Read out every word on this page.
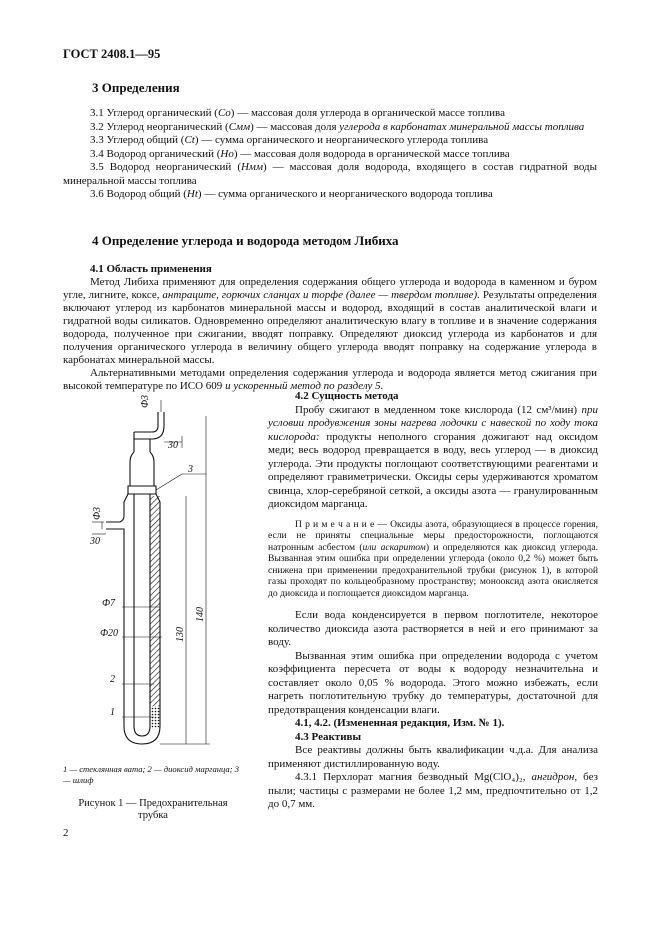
ГОСТ 2408.1—95
3 Определения

3.1 Углерод органический (Cо) — массовая доля углерода в органической массе топлива

3.2 Углерод неорганический (Cмм) — массовая доля углерода в карбонатах минеральной массы топлива

3.3 Углерод общий (Ct) — сумма органического и неорганического углерода топлива

3.4 Водород органический (Hо) — массовая доля водорода в органической массе топлива

3.5 Водород неорганический (Hмм) — массовая доля водорода, входящего в состав гидратной воды минеральной массы топлива

3.6 Водород общий (Ht) — сумма органического и неорганического водорода топлива

4 Определение углерода и водорода методом Либиха

4.1 Область применения

Метод Либиха применяют для определения содержания общего углерода и водорода в каменном и буром угле, лигните, коксе, антраците, горючих сланцах и торфе (далее — твердом топливе). Результаты определения включают углерод из карбонатов минеральной массы и водород, входящий в состав аналитической влаги и гидратной воды силикатов. Одновременно определяют аналитическую влагу в топливе и в значение содержания водорода, полученное при сжигании, вводят поправку. Определяют диоксид углерода из карбонатов и для получения органического углерода в величину общего углерода вводят поправку на содержание углерода в карбонатах минеральной массы.

Альтернативными методами определения содержания углерода и водорода является метод сжигания при высокой температуре по ИСО 609 и ускоренный метод по разделу 5.

Ф3
30
3
Ф3
30
Ф7
Ф20
2
1
130
140
1 — стеклянная вата; 2 — диоксид марганца; 3 — шлиф
Рисунок 1 — Предохранительная трубка

4.2 Сущность метода

Пробу сжигают в медленном токе кислорода (12 см³/мин) при условии продувжения зоны нагрева лодочки с навеской по ходу тока кислорода: продукты неполного сгорания дожигают над оксидом меди; весь водород превращается в воду, весь углерод — в диоксид углерода. Эти продукты поглощают соответствующими реагентами и определяют гравиметрически. Оксиды серы удерживаются хроматом свинца, хлор-серебряной сеткой, а оксиды азота — гранулированным диоксидом марганца.

П р и м е ч а н и е — Оксиды азота, образующиеся в процессе горения, если не приняты специальные меры предосторожности, поглощаются натронным асбестом (или аскаритом) и определяются как диоксид углерода. Вызванная этим ошибка при определении углерода (около 0,2 %) может быть снижена при применении предохранительной трубки (рисунок 1), в которой газы проходят по кольцеобразному пространству; монооксид азота окисляется до диоксида и поглощается диоксидом марганца.

Если вода конденсируется в первом поглотителе, некоторое количество диоксида азота растворяется в ней и его принимают за воду.

Вызванная этим ошибка при определении водорода с учетом коэффициента пересчета от воды к водороду незначительна и составляет около 0,05 % водорода. Этого можно избежать, если нагреть поглотительную трубку до температуры, достаточной для предотвращения конденсации влаги.

4.1, 4.2. (Измененная редакция, Изм. № 1).

4.3 Реактивы

Все реактивы должны быть квалификации ч.д.а. Для анализа применяют дистиллированную воду.

4.3.1 Перхлорат магния безводный Mg(ClO₄)₂, ангидрон, без пыли; частицы с размерами не более 1,2 мм, предпочтительно от 1,2 до 0,7 мм.

2
